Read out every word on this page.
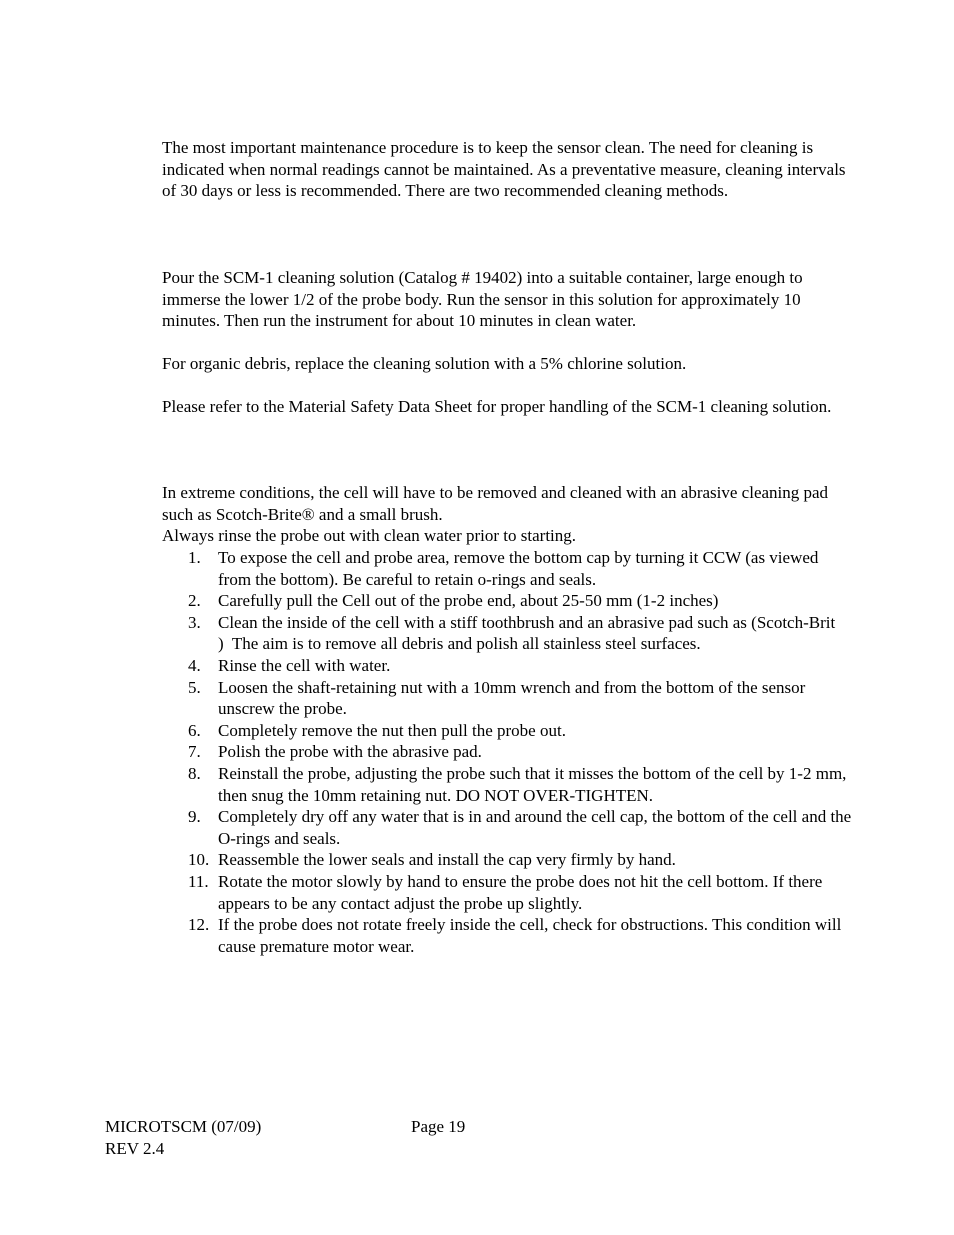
The most important maintenance procedure is to keep the sensor clean. The need for cleaning is indicated when normal readings cannot be maintained. As a preventative measure, cleaning intervals of 30 days or less is recommended. There are two recommended cleaning methods.

Pour the SCM-1 cleaning solution (Catalog # 19402) into a suitable container, large enough to immerse the lower 1/2 of the probe body. Run the sensor in this solution for approximately 10 minutes. Then run the instrument for about 10 minutes in clean water.

For organic debris, replace the cleaning solution with a 5% chlorine solution.

Please refer to the Material Safety Data Sheet for proper handling of the SCM-1 cleaning solution.

In extreme conditions, the cell will have to be removed and cleaned with an abrasive cleaning pad such as Scotch-Brite® and a small brush.
Always rinse the probe out with clean water prior to starting.

1. To expose the cell and probe area, remove the bottom cap by turning it CCW (as viewed from the bottom). Be careful to retain o-rings and seals.
2. Carefully pull the Cell out of the probe end, about 25-50 mm (1-2 inches)
3. Clean the inside of the cell with a stiff toothbrush and an abrasive pad such as (Scotch-Brit     )  The aim is to remove all debris and polish all stainless steel surfaces.
4. Rinse the cell with water.
5. Loosen the shaft-retaining nut with a 10mm wrench and from the bottom of the sensor unscrew the probe.
6. Completely remove the nut then pull the probe out.
7. Polish the probe with the abrasive pad.
8. Reinstall the probe, adjusting the probe such that it misses the bottom of the cell by 1-2 mm, then snug the 10mm retaining nut. DO NOT OVER-TIGHTEN.
9. Completely dry off any water that is in and around the cell cap, the bottom of the cell and the O-rings and seals.
10. Reassemble the lower seals and install the cap very firmly by hand.
11. Rotate the motor slowly by hand to ensure the probe does not hit the cell bottom. If there appears to be any contact adjust the probe up slightly.
12. If the probe does not rotate freely inside the cell, check for obstructions. This condition will cause premature motor wear.

MICROTSCM (07/09)
REV 2.4

Page 19
